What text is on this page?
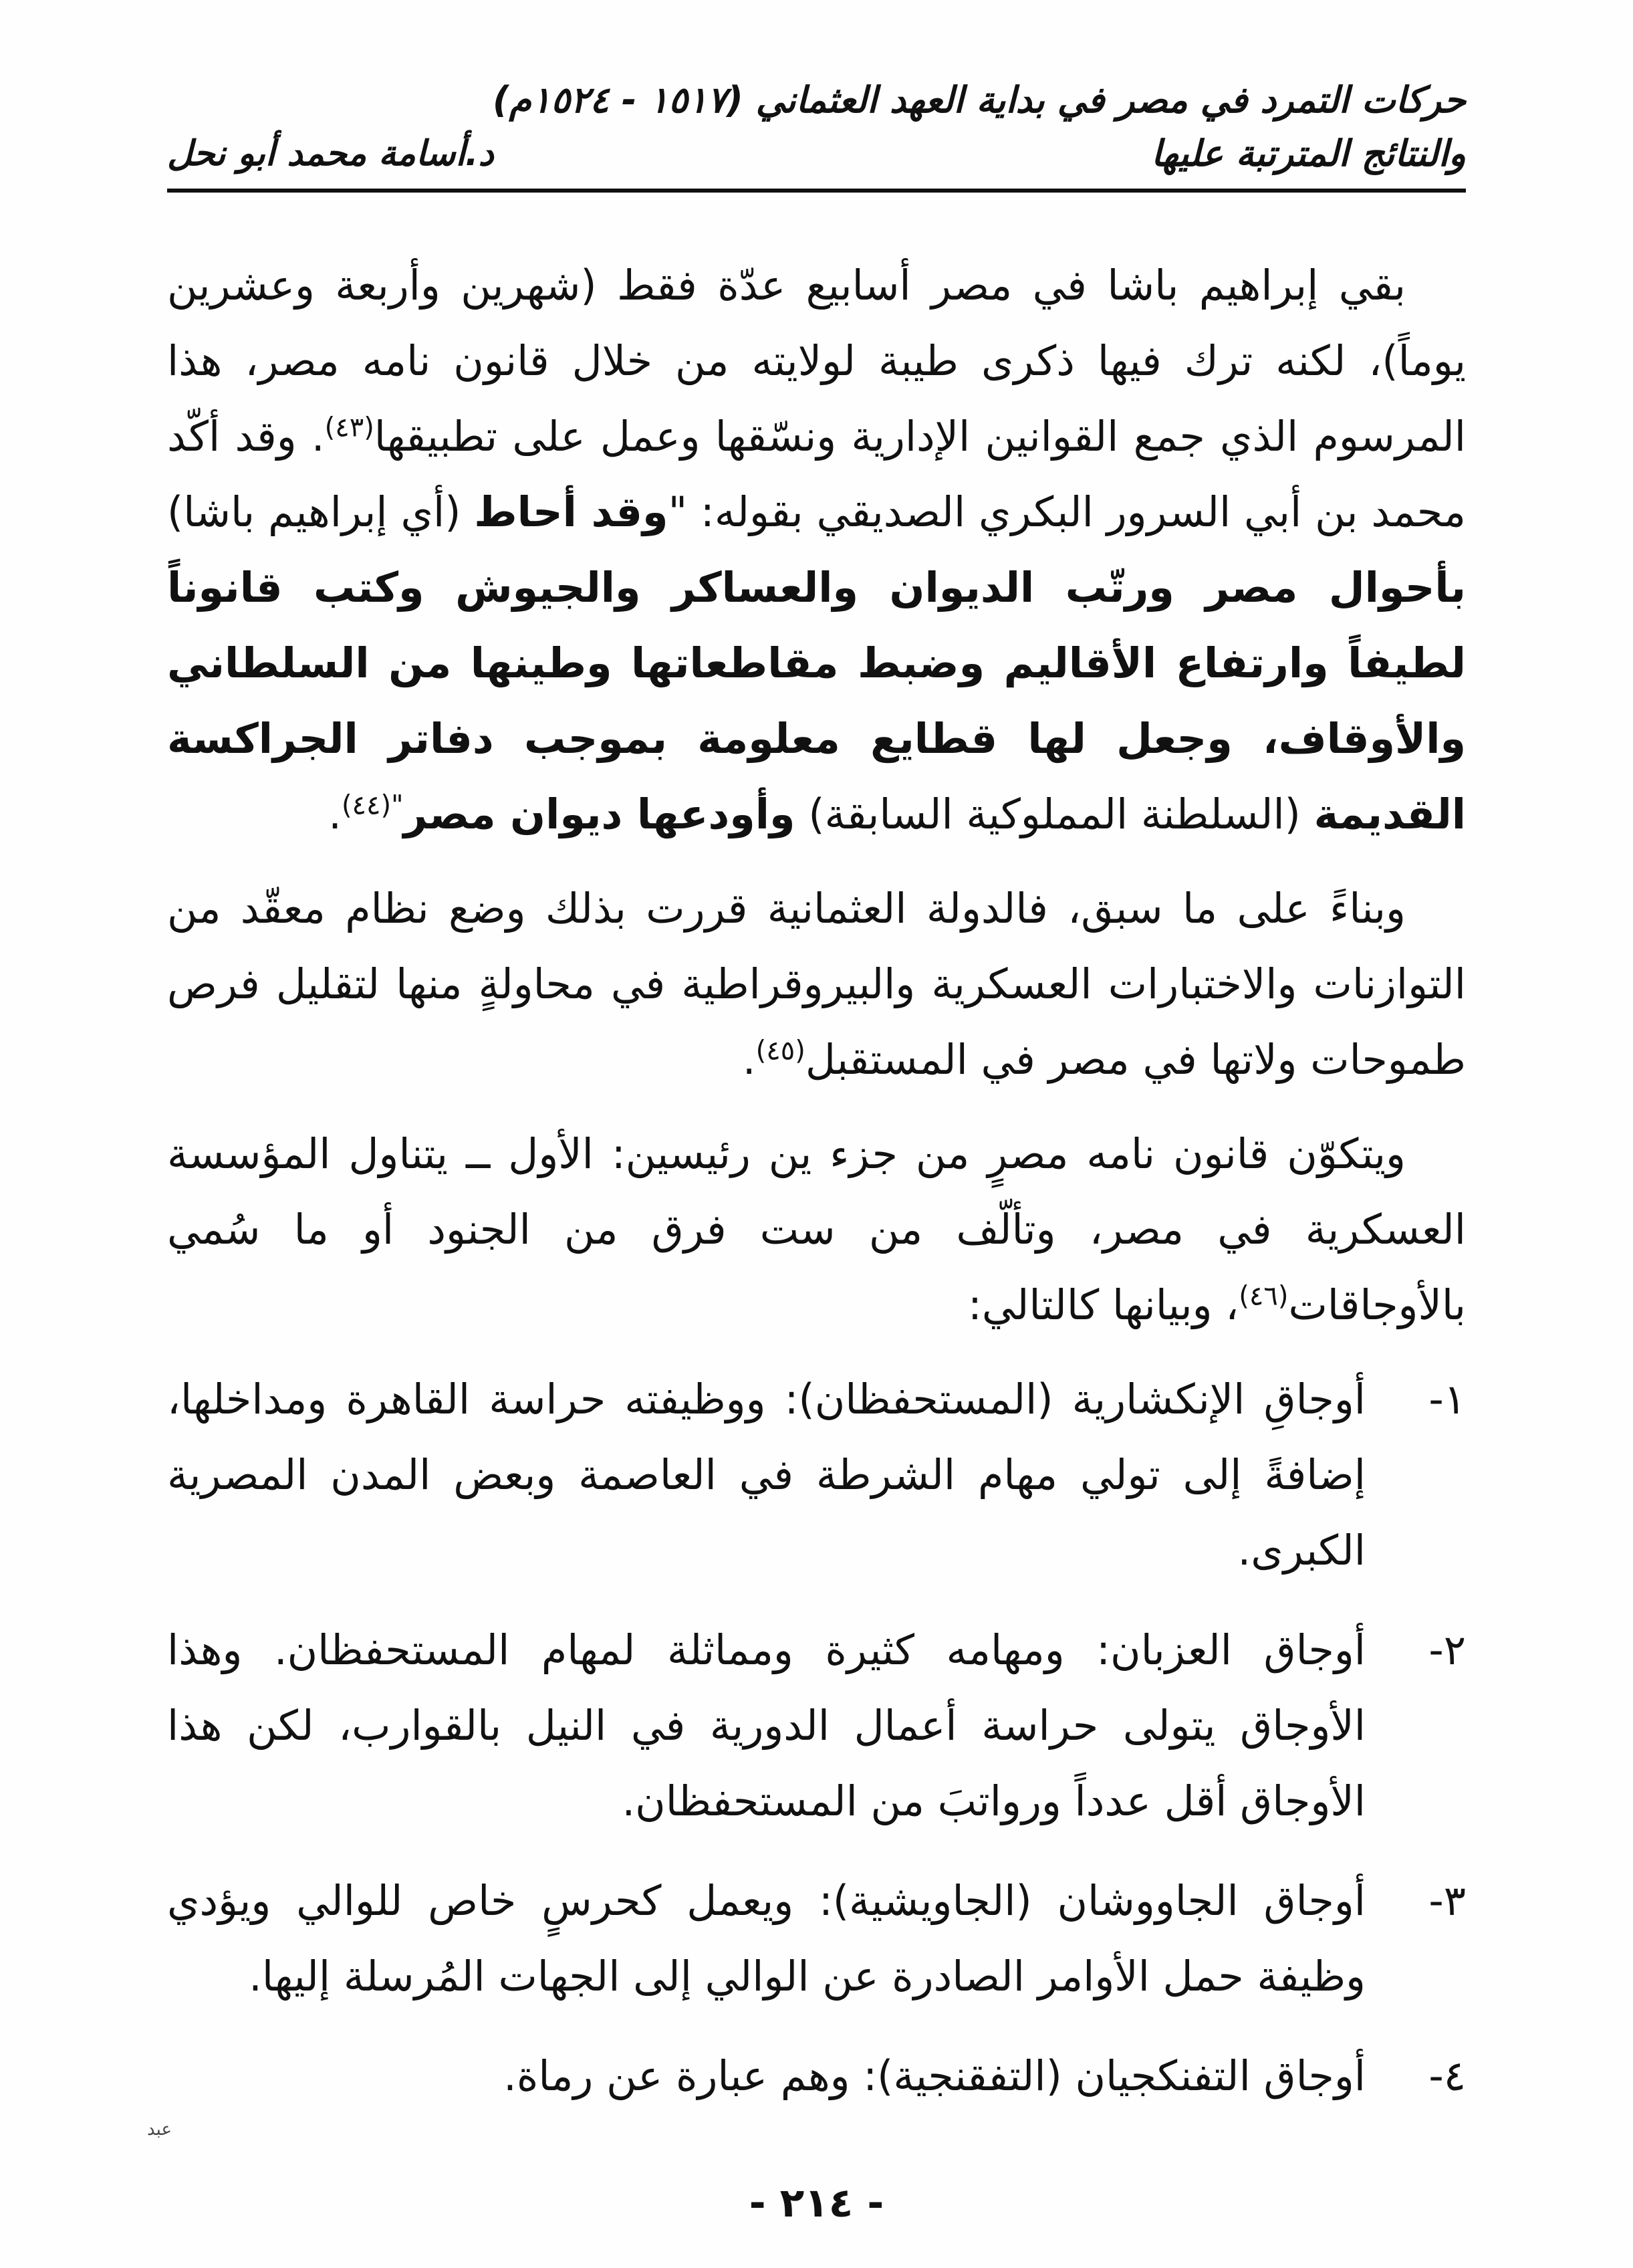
حركات التمرد في مصر في بداية العهد العثماني (١٥١٧ - ١٥٢٤م)
والنتائج المترتبة عليها
د.أسامة محمد أبو نحل

بقي إبراهيم باشا في مصر أسابيع عدّة فقط (شهرين وأربعة وعشرين يوماً)، لكنه ترك فيها ذكرى طيبة لولايته من خلال قانون نامه مصر، هذا المرسوم الذي جمع القوانين الإدارية ونسّقها وعمل على تطبيقها$^{(٤٣)}$. وقد أكّد محمد بن أبي السرور البكري الصديقي بقوله: "وقد أحاط (أي إبراهيم باشا) بأحوال مصر ورتّب الديوان والعساكر والجيوش وكتب قانوناً لطيفاً وارتفاع الأقاليم وضبط مقاطعاتها وطينها من السلطاني والأوقاف، وجعل لها قطايع معلومة بموجب دفاتر الجراكسة القديمة (السلطنة المملوكية السابقة) وأودعها ديوان مصر$^{"(٤٤)}$.

وبناءً على ما سبق، فالدولة العثمانية قررت بذلك وضع نظام معقّد من التوازنات والاختبارات العسكرية والبيروقراطية في محاولةٍ منها لتقليل فرص طموحات ولاتها في مصر في المستقبل$^{(٤٥)}$.

ويتكوّن قانون نامه مصرٍ من جزء ين رئيسين: الأول ــ يتناول المؤسسة العسكرية في مصر، وتألّف من ست فرق من الجنود أو ما سُمي بالأوجاقات$^{(٤٦)}$، وبيانها كالتالي:

١-
أوجاقِ الإنكشارية (المستحفظان): ووظيفته حراسة القاهرة ومداخلها، إضافةً إلى تولي مهام الشرطة في العاصمة وبعض المدن المصرية الكبرى.
٢-
أوجاق العزبان: ومهامه كثيرة ومماثلة لمهام المستحفظان. وهذا الأوجاق يتولى حراسة أعمال الدورية في النيل بالقوارب، لكن هذا الأوجاق أقل عدداً ورواتبَ من المستحفظان.
٣-
أوجاق الجاووشان (الجاويشية): ويعمل كحرسٍ خاص للوالي ويؤدي وظيفة حمل الأوامر الصادرة عن الوالي إلى الجهات المُرسلة إليها.
٤-
أوجاق التفنكجيان (التفقنجية): وهم عبارة عن رماة.
عبد
- ٢١٤ -
